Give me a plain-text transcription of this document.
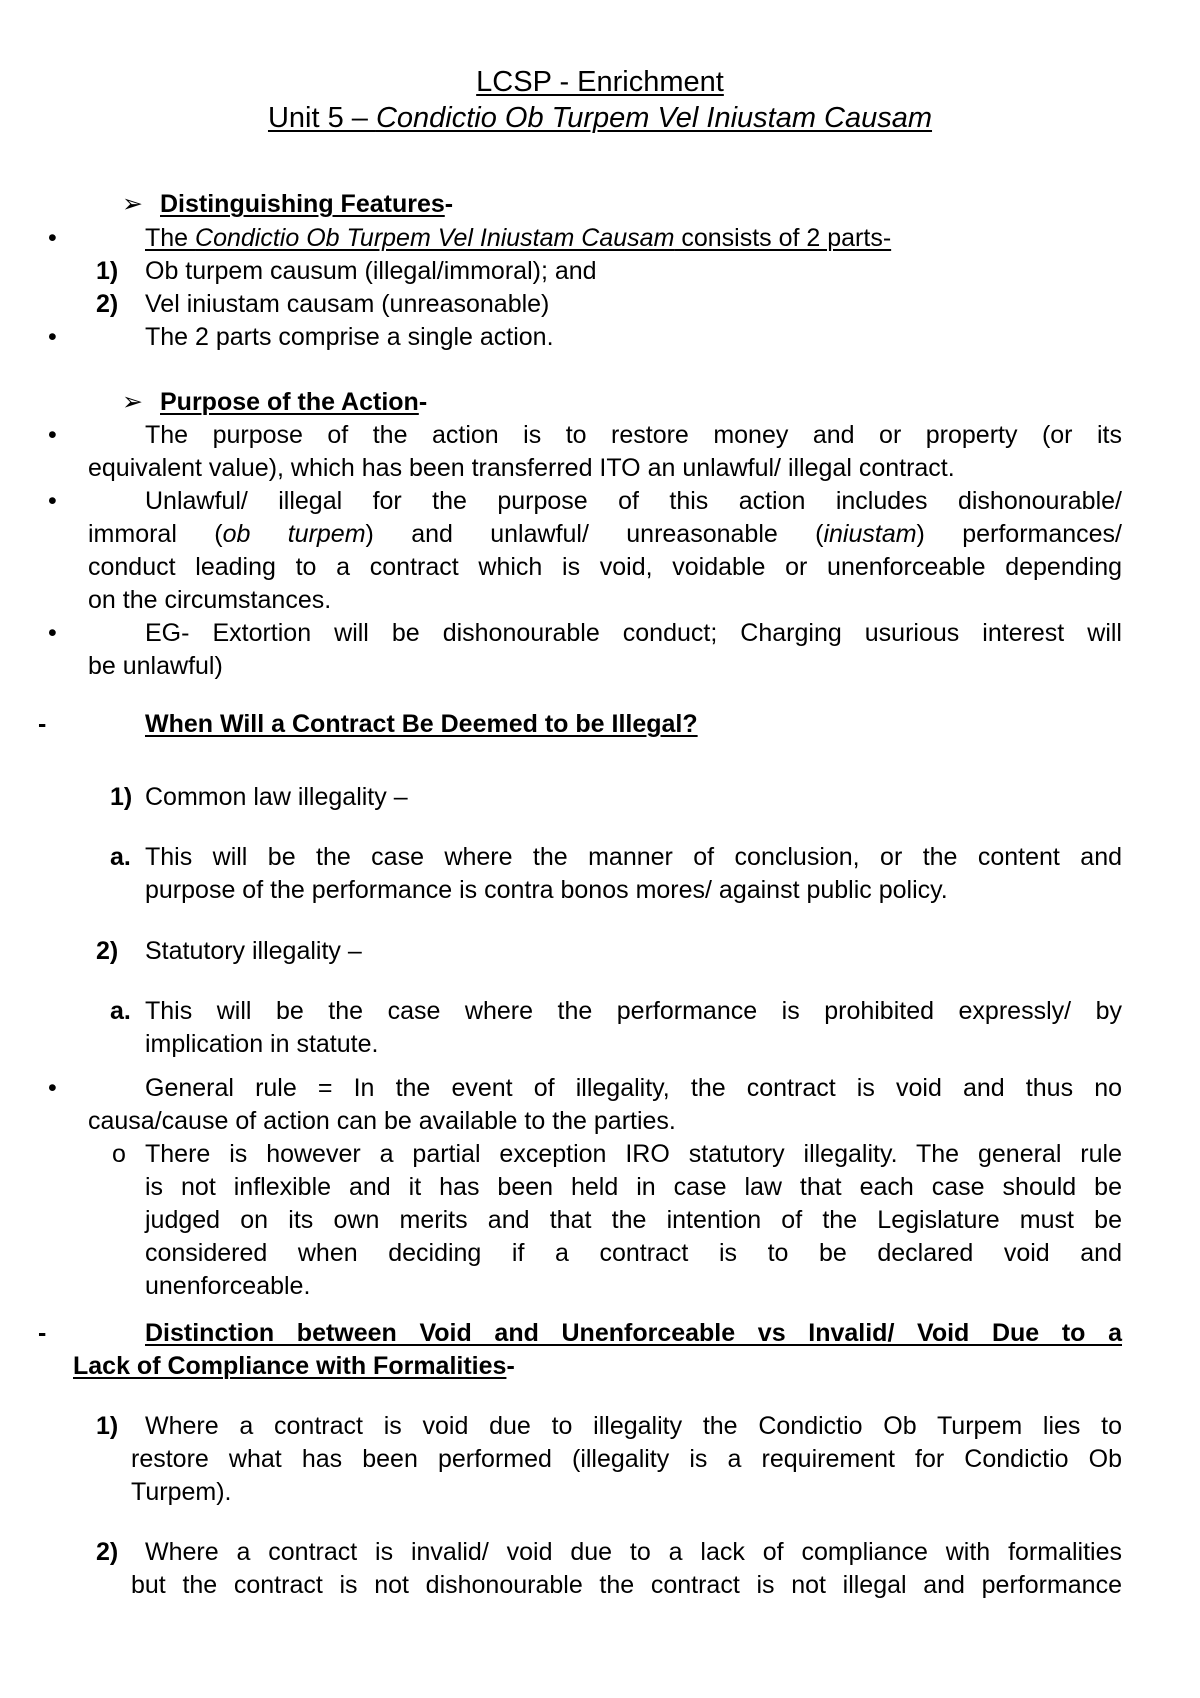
LCSP - Enrichment
Unit 5 – Condictio Ob Turpem Vel Iniustam Causam
➢ Distinguishing Features-
•	The Condictio Ob Turpem Vel Iniustam Causam consists of 2 parts-
1) Ob turpem causum (illegal/immoral); and
2) Vel iniustam causam (unreasonable)
•	The 2 parts comprise a single action.
➢ Purpose of the Action-
•	The purpose of the action is to restore money and or property (or its
equivalent value), which has been transferred ITO an unlawful/ illegal contract.
•	Unlawful/ illegal for the purpose of this action includes dishonourable/
immoral (ob turpem) and unlawful/ unreasonable (iniustam) performances/
conduct leading to a contract which is void, voidable or unenforceable depending
on the circumstances.
•	EG- Extortion will be dishonourable conduct; Charging usurious interest will
be unlawful)
-	When Will a Contract Be Deemed to be Illegal?
1) Common law illegality –
a. This will be the case where the manner of conclusion, or the content and
purpose of the performance is contra bonos mores/ against public policy.
2) Statutory illegality –
a. This will be the case where the performance is prohibited expressly/ by
implication in statute.
•	General rule = In the event of illegality, the contract is void and thus no
causa/cause of action can be available to the parties.
o There is however a partial exception IRO statutory illegality. The general rule
is not inflexible and it has been held in case law that each case should be
judged on its own merits and that the intention of the Legislature must be
considered when deciding if a contract is to be declared void and
unenforceable.
-	Distinction between Void and Unenforceable vs Invalid/ Void Due to a
Lack of Compliance with Formalities-
1) Where a contract is void due to illegality the Condictio Ob Turpem lies to
restore what has been performed (illegality is a requirement for Condictio Ob
Turpem).
2) Where a contract is invalid/ void due to a lack of compliance with formalities
but the contract is not dishonourable the contract is not illegal and performance
